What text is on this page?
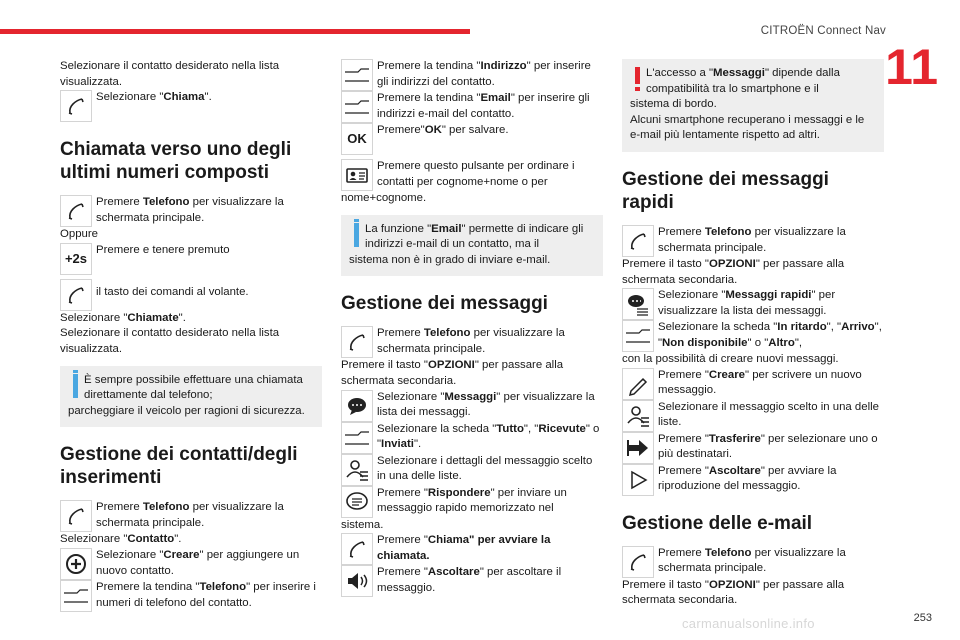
CITROËN Connect Nav
11
253
carmanualsonline.info
Selezionare il contatto desiderato nella lista visualizzata.
Selezionare "Chiama".
Chiamata verso uno degli ultimi numeri composti
Premere Telefono per visualizzare la schermata principale.
Oppure
+2s
Premere e tenere premuto
il tasto dei comandi al volante.
Selezionare "Chiamate".
Selezionare il contatto desiderato nella lista visualizzata.
È sempre possibile effettuare una chiamata direttamente dal telefono;
parcheggiare il veicolo per ragioni di sicurezza.
Gestione dei contatti/degli inserimenti
Premere Telefono per visualizzare la schermata principale.
Selezionare "Contatto".
Selezionare "Creare" per aggiungere un nuovo contatto.
Premere la tendina "Telefono" per inserire i numeri di telefono del contatto.
Premere la tendina "Indirizzo" per inserire gli indirizzi del contatto.
Premere la tendina "Email" per inserire gli indirizzi e-mail del contatto.
OK
Premere"OK" per salvare.
Premere questo pulsante per ordinare i contatti per cognome+nome o per
nome+cognome.
La funzione "Email" permette di indicare gli indirizzi e-mail di un contatto, ma il
sistema non è in grado di inviare e-mail.
Gestione dei messaggi
Premere Telefono per visualizzare la schermata principale.
Premere il tasto "OPZIONI" per passare alla schermata secondaria.
Selezionare "Messaggi" per visualizzare la lista dei messaggi.
Selezionare la scheda "Tutto", "Ricevute" o "Inviati".
Selezionare i dettagli del messaggio scelto in una delle liste.
Premere "Rispondere" per inviare un messaggio rapido memorizzato nel
sistema.
Premere "Chiama" per avviare la chiamata.
Premere "Ascoltare" per ascoltare il messaggio.
L'accesso a "Messaggi" dipende dalla compatibilità tra lo smartphone e il
sistema di bordo.
Alcuni smartphone recuperano i messaggi e le e-mail più lentamente rispetto ad altri.
Gestione dei messaggi rapidi
Premere Telefono per visualizzare la schermata principale.
Premere il tasto "OPZIONI" per passare alla schermata secondaria.
Selezionare "Messaggi rapidi" per visualizzare la lista dei messaggi.
Selezionare la scheda "In ritardo", "Arrivo", "Non disponibile" o "Altro",
con la possibilità di creare nuovi messaggi.
Premere "Creare" per scrivere un nuovo messaggio.
Selezionare il messaggio scelto in una delle liste.
Premere "Trasferire" per selezionare uno o più destinatari.
Premere "Ascoltare" per avviare la riproduzione del messaggio.
Gestione delle e-mail
Premere Telefono per visualizzare la schermata principale.
Premere il tasto "OPZIONI" per passare alla schermata secondaria.
